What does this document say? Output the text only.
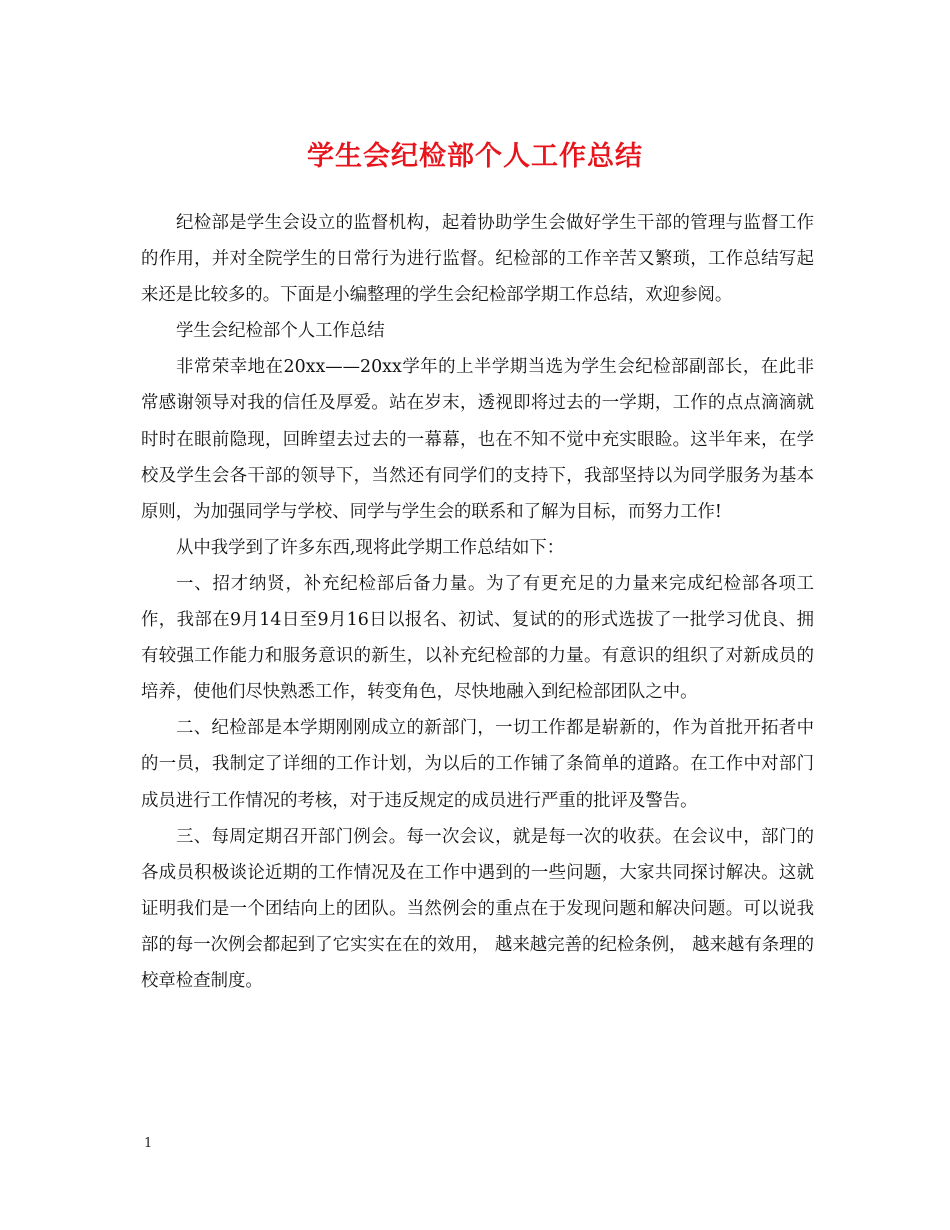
学生会纪检部个人工作总结

纪检部是学生会设立的监督机构，起着协助学生会做好学生干部的管理与监督工作的作用，并对全院学生的日常行为进行监督。纪检部的工作辛苦又繁琐，工作总结写起来还是比较多的。下面是小编整理的学生会纪检部学期工作总结，欢迎参阅。

学生会纪检部个人工作总结

非常荣幸地在20xx——20xx学年的上半学期当选为学生会纪检部副部长，在此非常感谢领导对我的信任及厚爱。站在岁末，透视即将过去的一学期，工作的点点滴滴就时时在眼前隐现，回眸望去过去的一幕幕，也在不知不觉中充实眼睑。这半年来，在学校及学生会各干部的领导下，当然还有同学们的支持下，我部坚持以为同学服务为基本原则，为加强同学与学校、同学与学生会的联系和了解为目标，而努力工作!

从中我学到了许多东西,现将此学期工作总结如下：

一、招才纳贤，补充纪检部后备力量。为了有更充足的力量来完成纪检部各项工作，我部在9月14日至9月16日以报名、初试、复试的的形式选拔了一批学习优良、拥有较强工作能力和服务意识的新生，以补充纪检部的力量。有意识的组织了对新成员的培养，使他们尽快熟悉工作，转变角色，尽快地融入到纪检部团队之中。

二、纪检部是本学期刚刚成立的新部门，一切工作都是崭新的，作为首批开拓者中的一员，我制定了详细的工作计划，为以后的工作铺了条简单的道路。在工作中对部门成员进行工作情况的考核，对于违反规定的成员进行严重的批评及警告。

三、每周定期召开部门例会。每一次会议，就是每一次的收获。在会议中，部门的各成员积极谈论近期的工作情况及在工作中遇到的一些问题，大家共同探讨解决。这就证明我们是一个团结向上的团队。当然例会的重点在于发现问题和解决问题。可以说我部的每一次例会都起到了它实实在在的效用， 越来越完善的纪检条例， 越来越有条理的校章检查制度。

1
